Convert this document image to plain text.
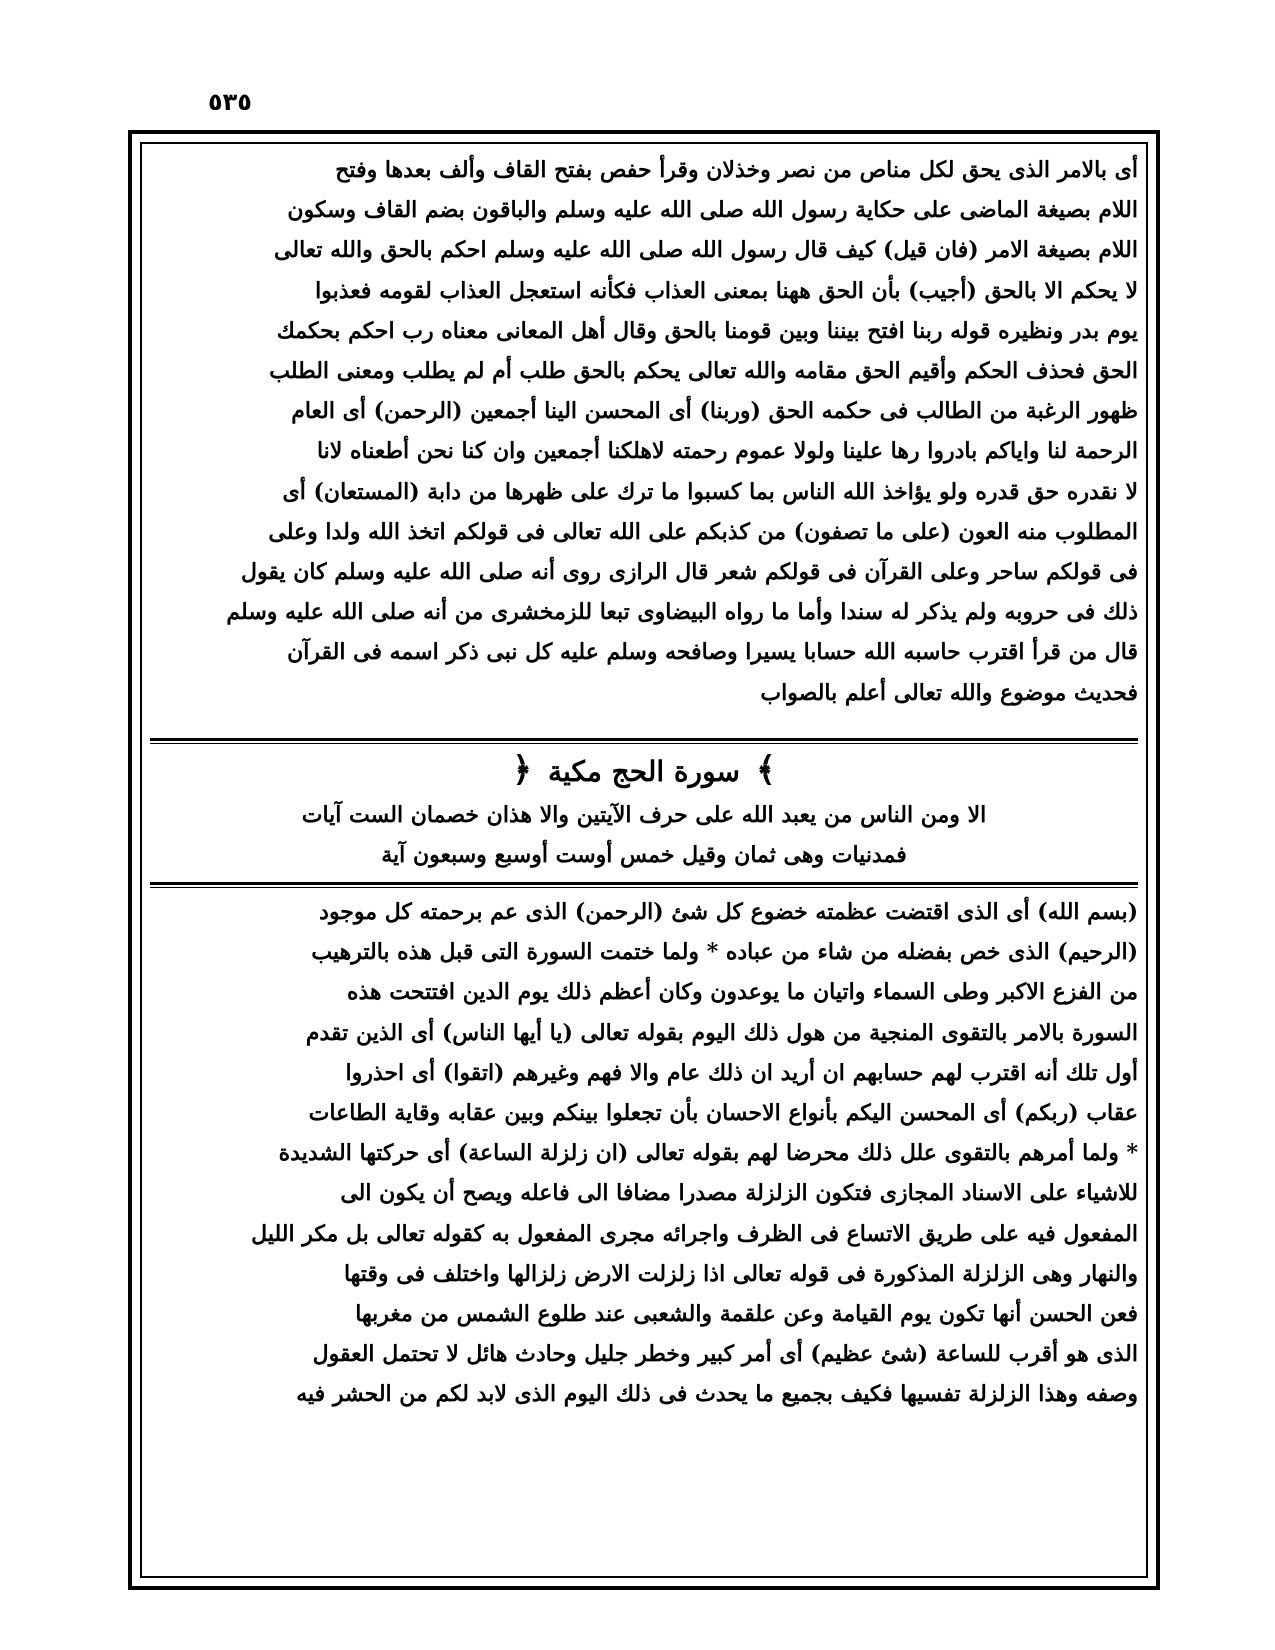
٥٣٥

أى بالامر الذى يحق لكل مناص من نصر وخذلان وقرأ حفص بفتح القاف وألف بعدها وفتح

اللام بصيغة الماضى على حكاية رسول الله صلى الله عليه وسلم والباقون بضم القاف وسكون

اللام بصيغة الامر (فان قيل) كيف قال رسول الله صلى الله عليه وسلم احكم بالحق والله تعالى

لا يحكم الا بالحق (أجيب) بأن الحق ههنا بمعنى العذاب فكأنه استعجل العذاب لقومه فعذبوا

يوم بدر ونظيره قوله ربنا افتح بيننا وبين قومنا بالحق وقال أهل المعانى معناه رب احكم بحكمك

الحق فحذف الحكم وأقيم الحق مقامه والله تعالى يحكم بالحق طلب أم لم يطلب ومعنى الطلب

ظهور الرغبة من الطالب فى حكمه الحق (وربنا) أى المحسن الينا أجمعين (الرحمن) أى العام

الرحمة لنا واياكم بادروا رها علينا ولولا عموم رحمته لاهلكنا أجمعين وان كنا نحن أطعناه لانا

لا نقدره حق قدره ولو يؤاخذ الله الناس بما كسبوا ما ترك على ظهرها من دابة (المستعان) أى

المطلوب منه العون (على ما تصفون) من كذبكم على الله تعالى فى قولكم اتخذ الله ولدا وعلى

فى قولكم ساحر وعلى القرآن فى قولكم شعر قال الرازى روى أنه صلى الله عليه وسلم كان يقول

ذلك فى حروبه ولم يذكر له سندا وأما ما رواه البيضاوى تبعا للزمخشرى من أنه صلى الله عليه وسلم

قال من قرأ اقترب حاسبه الله حسابا يسيرا وصافحه وسلم عليه كل نبى ذكر اسمه فى القرآن

فحديث موضوع والله تعالى أعلم بالصواب

﴾سورة الحج مكية﴿

الا ومن الناس من يعبد الله على حرف الآيتين والا هذان خصمان الست آيات

فمدنيات وهى ثمان وقيل خمس أوست أوسبع وسبعون آية

(بسم الله) أى الذى اقتضت عظمته خضوع كل شئ (الرحمن) الذى عم برحمته كل موجود

(الرحيم) الذى خص بفضله من شاء من عباده * ولما ختمت السورة التى قبل هذه بالترهيب

من الفزع الاكبر وطى السماء واتيان ما يوعدون وكان أعظم ذلك يوم الدين افتتحت هذه

السورة بالامر بالتقوى المنجية من هول ذلك اليوم بقوله تعالى (يا أيها الناس) أى الذين تقدم

أول تلك أنه اقترب لهم حسابهم ان أريد ان ذلك عام والا فهم وغيرهم (اتقوا) أى احذروا

عقاب (ربكم) أى المحسن اليكم بأنواع الاحسان بأن تجعلوا بينكم وبين عقابه وقاية الطاعات

* ولما أمرهم بالتقوى علل ذلك محرضا لهم بقوله تعالى (ان زلزلة الساعة) أى حركتها الشديدة

للاشياء على الاسناد المجازى فتكون الزلزلة مصدرا مضافا الى فاعله ويصح أن يكون الى

المفعول فيه على طريق الاتساع فى الظرف واجرائه مجرى المفعول به كقوله تعالى بل مكر الليل

والنهار وهى الزلزلة المذكورة فى قوله تعالى اذا زلزلت الارض زلزالها واختلف فى وقتها

فعن الحسن أنها تكون يوم القيامة وعن علقمة والشعبى عند طلوع الشمس من مغربها

الذى هو أقرب للساعة (شئ عظيم) أى أمر كبير وخطر جليل وحادث هائل لا تحتمل العقول

وصفه وهذا الزلزلة تفسيها فكيف بجميع ما يحدث فى ذلك اليوم الذى لابد لكم من الحشر فيه
